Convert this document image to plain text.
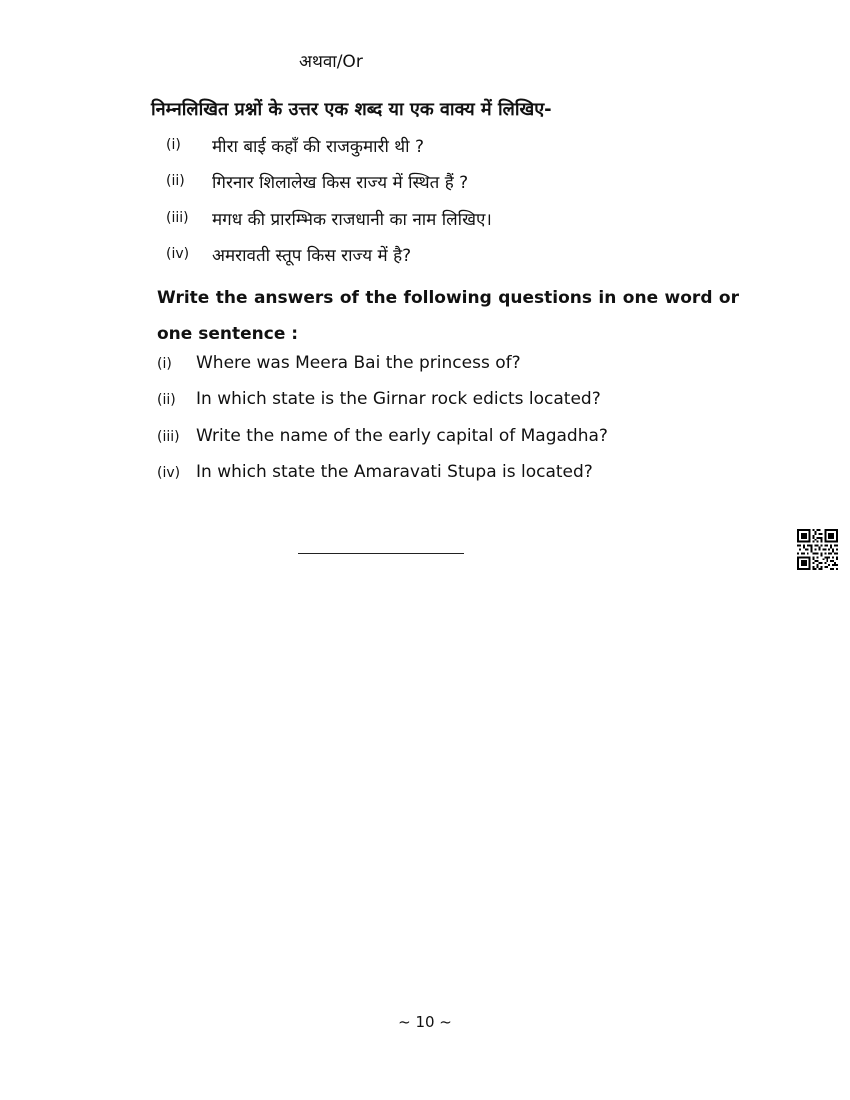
अथवा/Or
निम्नलिखित प्रश्नों के उत्तर एक शब्द या एक वाक्य में लिखिए-
(i) मीरा बाई कहाँ की राजकुमारी थी ?
(ii) गिरनार शिलालेख किस राज्य में स्थित हैं ?
(iii) मगध की प्रारम्भिक राजधानी का नाम लिखिए।
(iv) अमरावती स्तूप किस राज्य में है?
Write the answers of the following questions in one word or one sentence :
(i) Where was Meera Bai the princess of?
(ii) In which state is the Girnar rock edicts located?
(iii) Write the name of the early capital of Magadha?
(iv) In which state the Amaravati Stupa is located?
~ 10 ~
